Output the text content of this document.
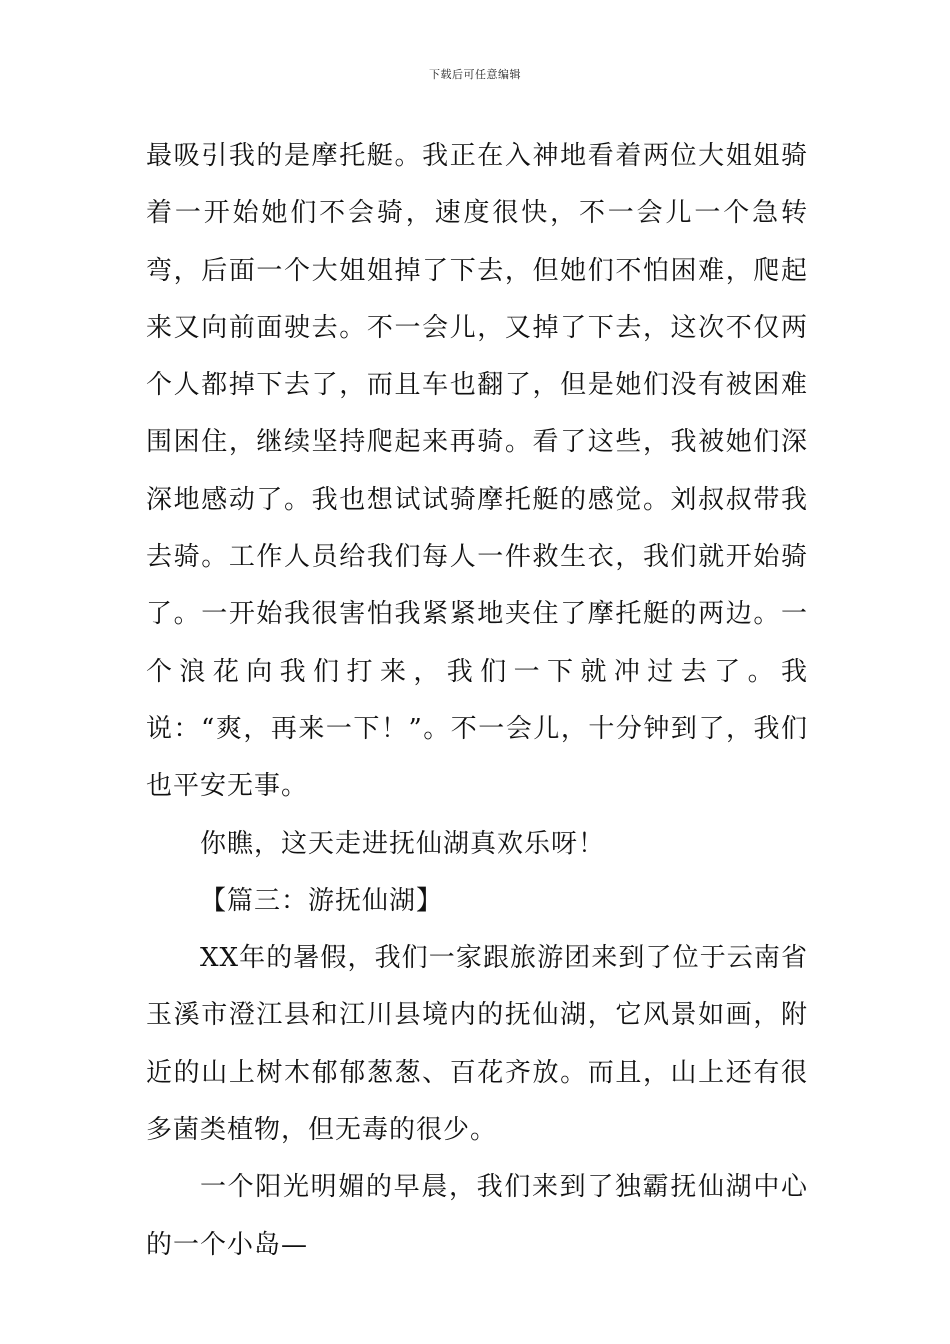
下载后可任意编辑

最吸引我的是摩托艇。我正在入神地看着两位大姐姐骑着一开始她们不会骑，速度很快，不一会儿一个急转弯，后面一个大姐姐掉了下去，但她们不怕困难，爬起来又向前面驶去。不一会儿，又掉了下去，这次不仅两个人都掉下去了，而且车也翻了，但是她们没有被困难围困住，继续坚持爬起来再骑。看了这些，我被她们深深地感动了。我也想试试骑摩托艇的感觉。刘叔叔带我去骑。工作人员给我们每人一件救生衣，我们就开始骑了。一开始我很害怕我紧紧地夹住了摩托艇的两边。一个浪花向我们打来，我们一下就冲过去了。我说：“爽，再来一下！”。不一会儿，十分钟到了，我们也平安无事。

你瞧，这天走进抚仙湖真欢乐呀！

【篇三：游抚仙湖】

XX年的暑假，我们一家跟旅游团来到了位于云南省玉溪市澄江县和江川县境内的抚仙湖，它风景如画，附近的山上树木郁郁葱葱、百花齐放。而且，山上还有很多菌类植物，但无毒的很少。

一个阳光明媚的早晨，我们来到了独霸抚仙湖中心的一个小岛—
